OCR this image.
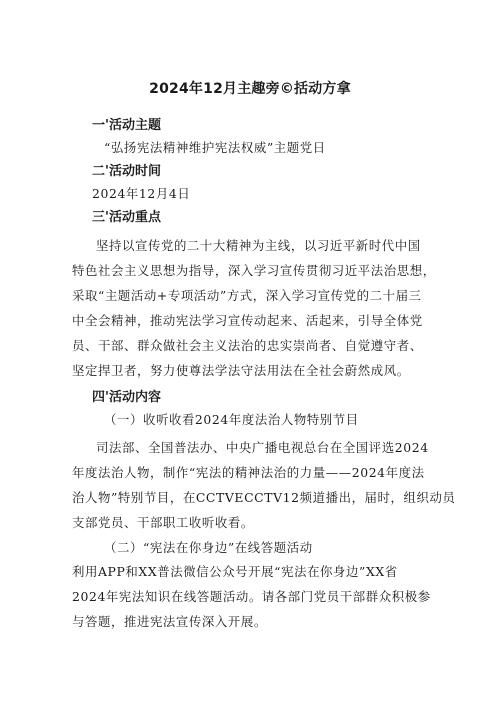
2024年12月主趣旁©括动方拿
一'活动主题
“弘扬宪法精神维护宪法权威”主题党日
二'活动时间
2024年12月4日
三'活动重点
坚持以宣传党的二十大精神为主线，以习近平新时代中国
特色社会主义思想为指导，深入学习宣传贯彻习近平法治思想，
采取“主题活动+专项活动”方式，深入学习宣传党的二十届三
中全会精神，推动宪法学习宣传动起来、活起来，引导全体党
员、干部、群众做社会主义法治的忠实崇尚者、自觉遵守者、
坚定捍卫者，努力使尊法学法守法用法在全社会蔚然成风。
四'活动内容
（一）收听收看2024年度法治人物特别节目
司法部、全国普法办、中央广播电视总台在全国评选2024
年度法治人物，制作“宪法的精神法治的力量——2024年度法
治人物”特别节目，在CCTVECCTV12频道播出，届时，组织动员
支部党员、干部职工收听收看。
（二）“宪法在你身边”在线答题活动
利用APP和XX普法微信公众号开展“宪法在你身边”XX省
2024年宪法知识在线答题活动。请各部门党员干部群众积极参
与答题，推进宪法宣传深入开展。
